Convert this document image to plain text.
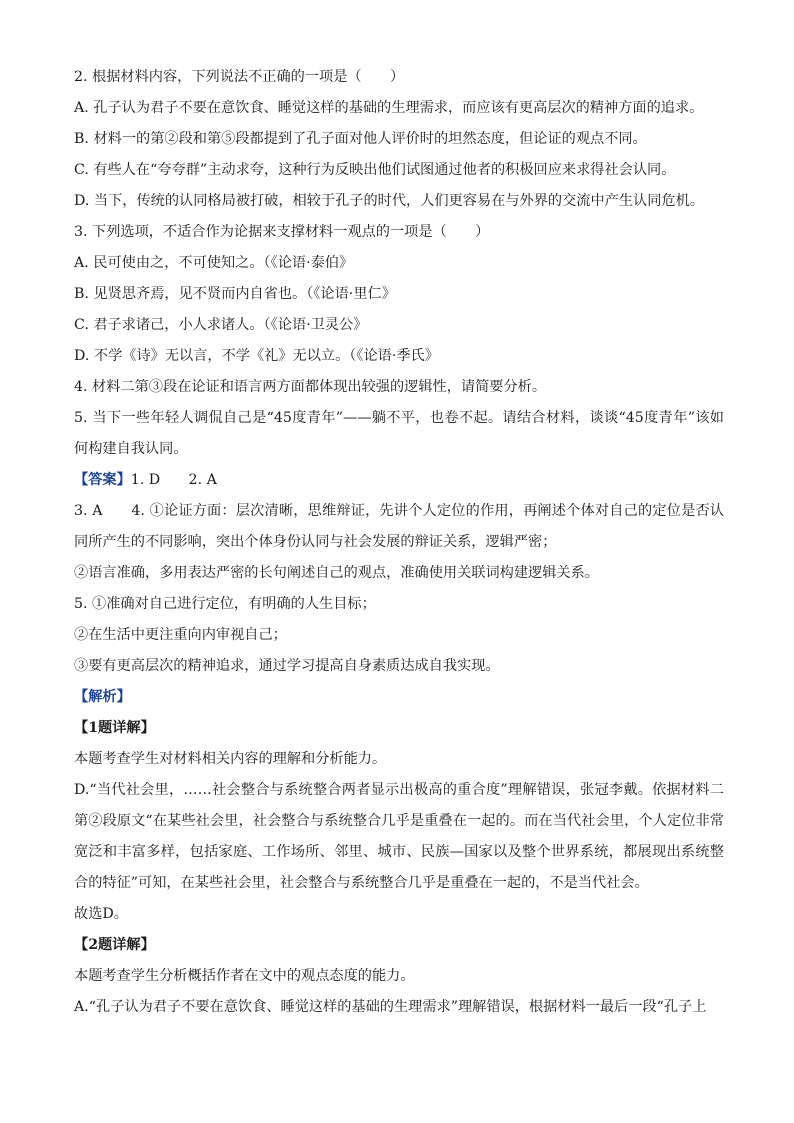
2. 根据材料内容，下列说法不正确的一项是（　　）

A. 孔子认为君子不要在意饮食、睡觉这样的基础的生理需求，而应该有更高层次的精神方面的追求。

B. 材料一的第②段和第⑤段都提到了孔子面对他人评价时的坦然态度，但论证的观点不同。

C. 有些人在“夸夸群”主动求夸，这种行为反映出他们试图通过他者的积极回应来求得社会认同。

D. 当下，传统的认同格局被打破，相较于孔子的时代，人们更容易在与外界的交流中产生认同危机。

3. 下列选项，不适合作为论据来支撑材料一观点的一项是（　　）

A. 民可使由之，不可使知之。（《论语·泰伯》

B. 见贤思齐焉，见不贤而内自省也。（《论语·里仁》

C. 君子求诸己，小人求诸人。（《论语·卫灵公》

D. 不学《诗》无以言，不学《礼》无以立。（《论语·季氏》

4. 材料二第③段在论证和语言两方面都体现出较强的逻辑性，请简要分析。

5. 当下一些年轻人调侃自己是“45度青年”——躺不平，也卷不起。请结合材料，谈谈“45度青年”该如何构建自我认同。

【答案】1. D　　2. A

3. A　　4. ①论证方面：层次清晰，思维辩证，先讲个人定位的作用，再阐述个体对自己的定位是否认同所产生的不同影响，突出个体身份认同与社会发展的辩证关系，逻辑严密；

②语言准确，多用表达严密的长句阐述自己的观点，准确使用关联词构建逻辑关系。

5. ①准确对自己进行定位，有明确的人生目标；

②在生活中更注重向内审视自己；

③要有更高层次的精神追求，通过学习提高自身素质达成自我实现。

【解析】

【1题详解】

本题考查学生对材料相关内容的理解和分析能力。

D.“当代社会里，……社会整合与系统整合两者显示出极高的重合度”理解错误，张冠李戴。依据材料二第②段原文“在某些社会里，社会整合与系统整合几乎是重叠在一起的。而在当代社会里，个人定位非常宽泛和丰富多样，包括家庭、工作场所、邻里、城市、民族—国家以及整个世界系统，都展现出系统整合的特征”可知，在某些社会里，社会整合与系统整合几乎是重叠在一起的，不是当代社会。

故选D。

【2题详解】

本题考查学生分析概括作者在文中的观点态度的能力。

A.“孔子认为君子不要在意饮食、睡觉这样的基础的生理需求”理解错误，根据材料一最后一段“孔子上
